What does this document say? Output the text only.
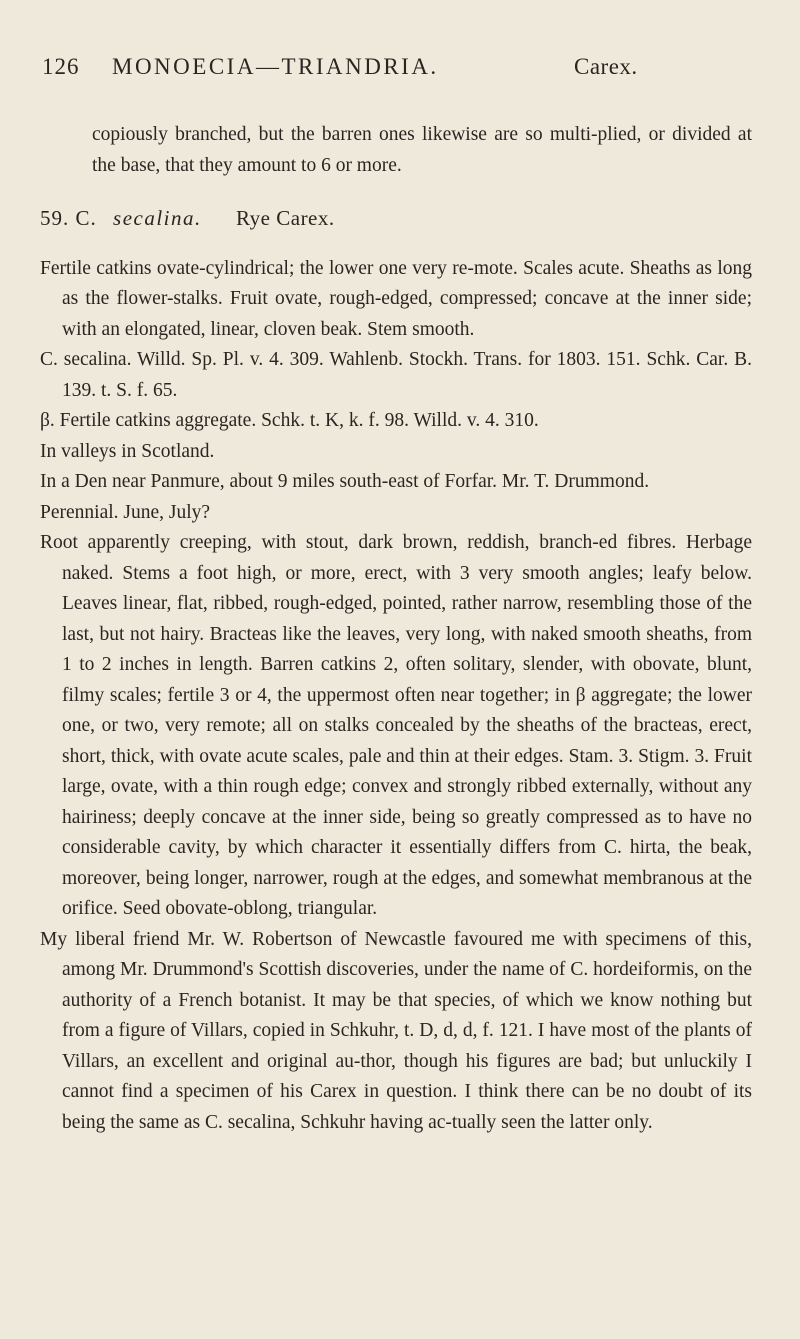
126 MONOECIA—TRIANDRIA.	Carex.

copiously branched, but the barren ones likewise are so multi-plied, or divided at the base, that they amount to 6 or more.

59. C. secalina. Rye Carex.

Fertile catkins ovate-cylindrical; the lower one very re-mote. Scales acute. Sheaths as long as the flower-stalks. Fruit ovate, rough-edged, compressed; concave at the inner side; with an elongated, linear, cloven beak. Stem smooth.

C. secalina. Willd. Sp. Pl. v. 4. 309. Wahlenb. Stockh. Trans. for 1803. 151. Schk. Car. B. 139. t. S. f. 65.

β. Fertile catkins aggregate. Schk. t. K, k. f. 98. Willd. v. 4. 310.

In valleys in Scotland.

In a Den near Panmure, about 9 miles south-east of Forfar. Mr. T. Drummond.

Perennial. June, July?

Root apparently creeping, with stout, dark brown, reddish, branch-ed fibres. Herbage naked. Stems a foot high, or more, erect, with 3 very smooth angles; leafy below. Leaves linear, flat, ribbed, rough-edged, pointed, rather narrow, resembling those of the last, but not hairy. Bracteas like the leaves, very long, with naked smooth sheaths, from 1 to 2 inches in length. Barren catkins 2, often solitary, slender, with obovate, blunt, filmy scales; fertile 3 or 4, the uppermost often near together; in β aggregate; the lower one, or two, very remote; all on stalks concealed by the sheaths of the bracteas, erect, short, thick, with ovate acute scales, pale and thin at their edges. Stam. 3. Stigm. 3. Fruit large, ovate, with a thin rough edge; convex and strongly ribbed externally, without any hairiness; deeply concave at the inner side, being so greatly compressed as to have no considerable cavity, by which character it essentially differs from C. hirta, the beak, moreover, being longer, narrower, rough at the edges, and somewhat membranous at the orifice. Seed obovate-oblong, triangular.

My liberal friend Mr. W. Robertson of Newcastle favoured me with specimens of this, among Mr. Drummond's Scottish discoveries, under the name of C. hordeiformis, on the authority of a French botanist. It may be that species, of which we know nothing but from a figure of Villars, copied in Schkuhr, t. D, d, d, f. 121. I have most of the plants of Villars, an excellent and original au-thor, though his figures are bad; but unluckily I cannot find a specimen of his Carex in question. I think there can be no doubt of its being the same as C. secalina, Schkuhr having ac-tually seen the latter only.
